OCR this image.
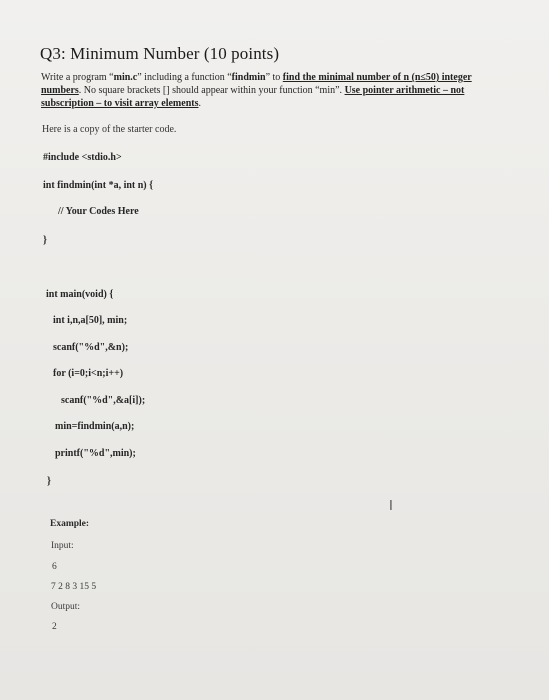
Q3: Minimum Number (10 points)
Write a program “min.c” including a function “findmin” to find the minimal number of n (n≤50) integer numbers. No square brackets [] should appear within your function “min”. Use pointer arithmetic – not subscription – to visit array elements.
Here is a copy of the starter code.
#include <stdio.h>
int findmin(int *a, int n) {
// Your Codes Here
}
int main(void) {
int i,n,a[50], min;
scanf("%d",&n);
for (i=0;i<n;i++)
scanf("%d",&a[i]);
min=findmin(a,n);
printf("%d",min);
}
Example:
Input:
6
7 2 8 3 15 5
Output:
2
I
